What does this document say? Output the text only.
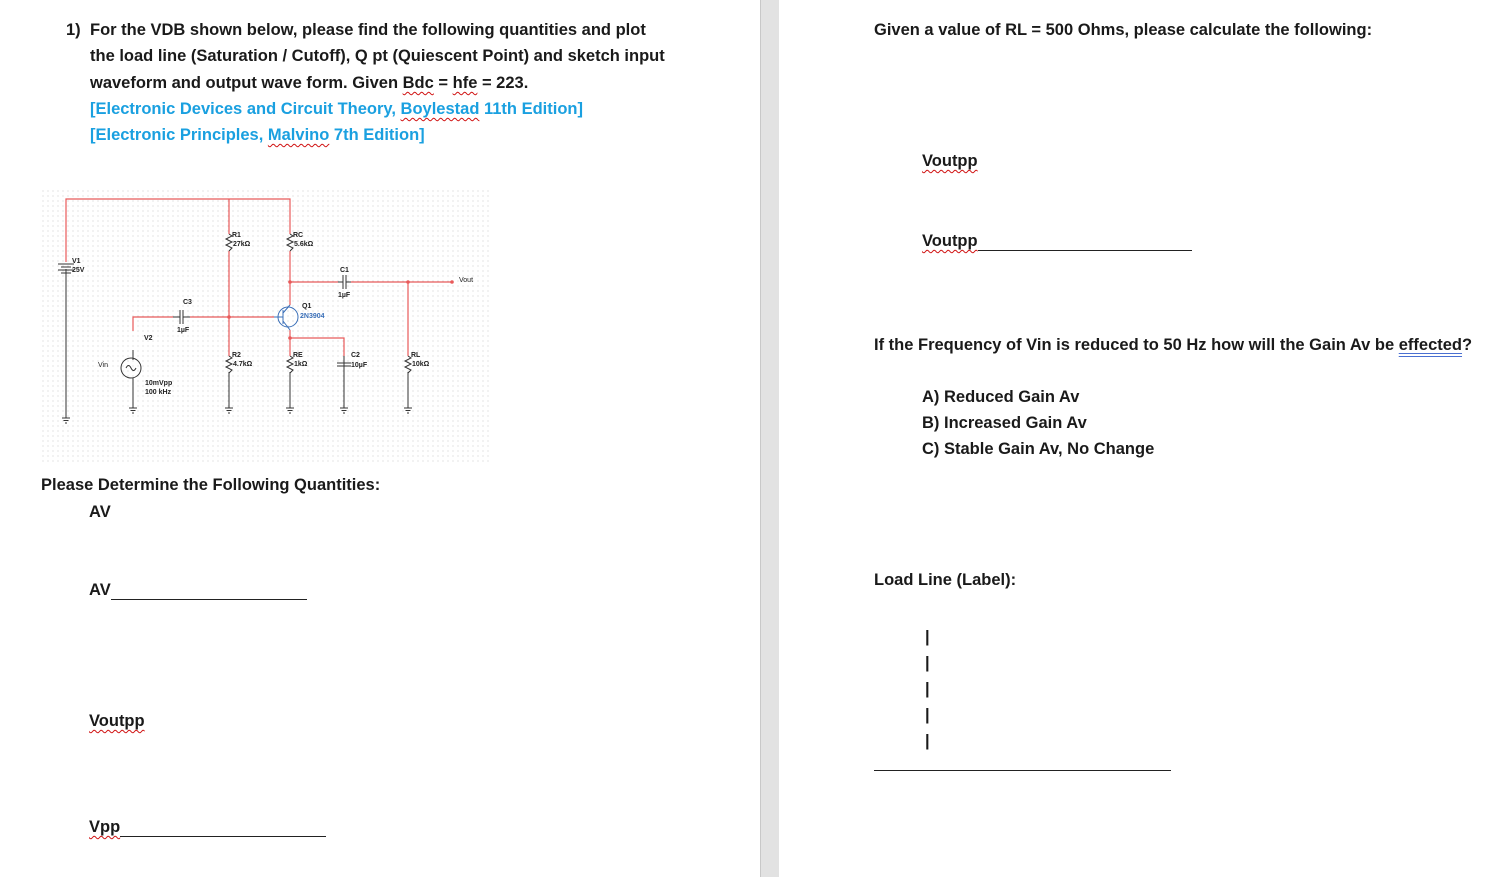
1) For the VDB shown below, please find the following quantities and plot
the load line (Saturation / Cutoff), Q pt (Quiescent Point) and sketch input
waveform and output wave form. Given Bdc = hfe = 223.
[Electronic Devices and Circuit Theory, Boylestad 11th Edition]
[Electronic Principles, Malvino 7th Edition]
V1
25V
R1
27kΩ
RC
5.6kΩ
R2
4.7kΩ
RE
1kΩ
RL
10kΩ
C1
1µF
Vout
C3
1µF
Q1
2N3904
V2
Vin
10mVpp
100 kHz
C2
10µF
Please Determine the Following Quantities:
AV
AV
Voutpp
Vpp
Given a value of RL = 500 Ohms, please calculate the following:
Voutpp
Voutpp
If the Frequency of Vin is reduced to 50 Hz how will the Gain Av be effected?
A) Reduced Gain Av
B) Increased Gain Av
C) Stable Gain Av, No Change
Load Line (Label):
|
|
|
|
|
